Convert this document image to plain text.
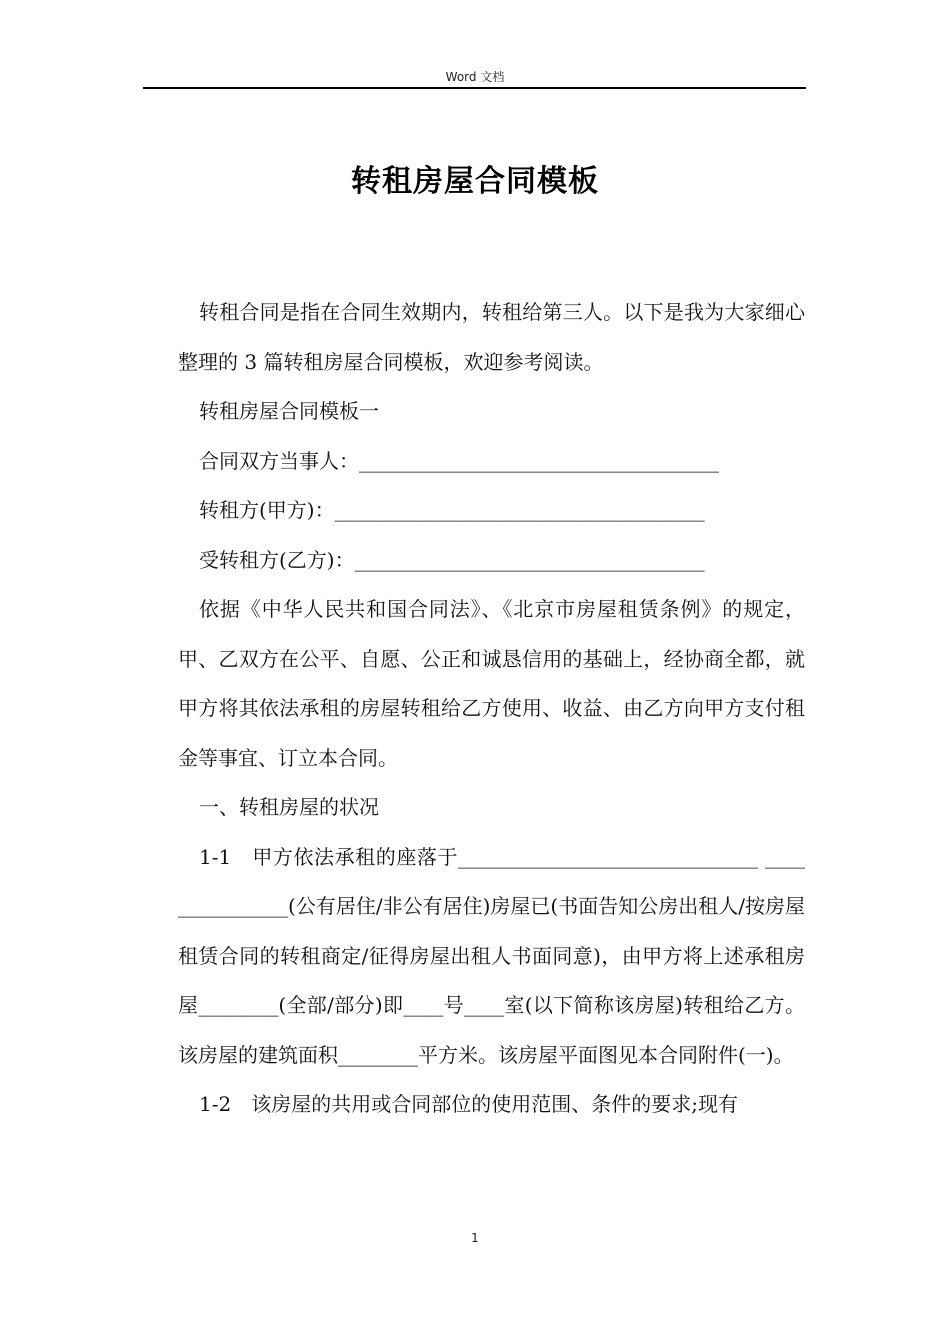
Word 文档
转租房屋合同模板

转租合同是指在合同生效期内，转租给第三人。以下是我为大家细心整理的 3 篇转租房屋合同模板，欢迎参考阅读。

转租房屋合同模板一

合同双方当事人：____________________________________

转租方(甲方)：_____________________________________

受转租方(乙方)：___________________________________

依据《中华人民共和国合同法》、《北京市房屋租赁条例》的规定，甲、乙双方在公平、自愿、公正和诚恳信用的基础上，经协商全都，就甲方将其依法承租的房屋转租给乙方使用、收益、由乙方向甲方支付租金等事宜、订立本合同。

一、转租房屋的状况

1-1　甲方依法承租的座落于______________________________ _______________(公有居住/非公有居住)房屋已(书面告知公房出租人/按房屋租赁合同的转租商定/征得房屋出租人书面同意)，由甲方将上述承租房屋________(全部/部分)即____号____室(以下简称该房屋)转租给乙方。该房屋的建筑面积________平方米。该房屋平面图见本合同附件(一)。

1-2　该房屋的共用或合同部位的使用范围、条件的要求;现有

1
